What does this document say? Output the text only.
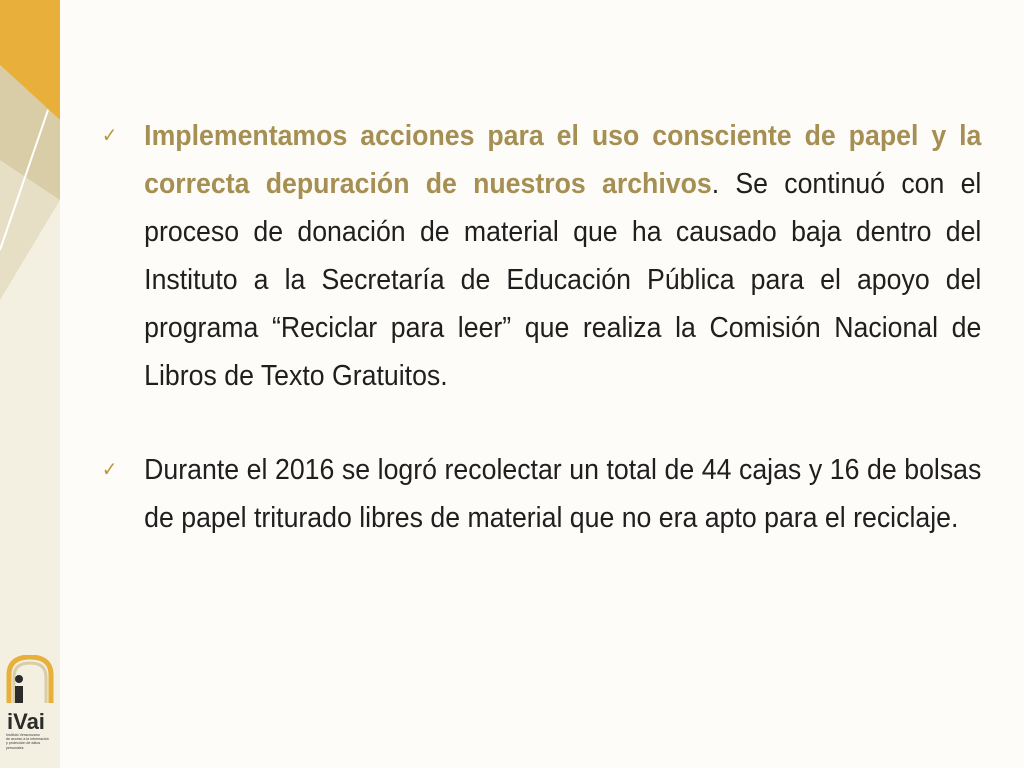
iVai
Instituto Veracruzano
de acceso a la información
y protección de datos personales
✓ Implementamos acciones para el uso consciente de papel y la correcta depuración de nuestros archivos. Se continuó con el proceso de donación de material que ha causado baja dentro del Instituto a la Secretaría de Educación Pública para el apoyo del programa “Reciclar para leer” que realiza la Comisión Nacional de Libros de Texto Gratuitos.
✓ Durante el 2016 se logró recolectar un total de 44 cajas y 16 de bolsas de papel triturado libres de material que no era apto para el reciclaje.
